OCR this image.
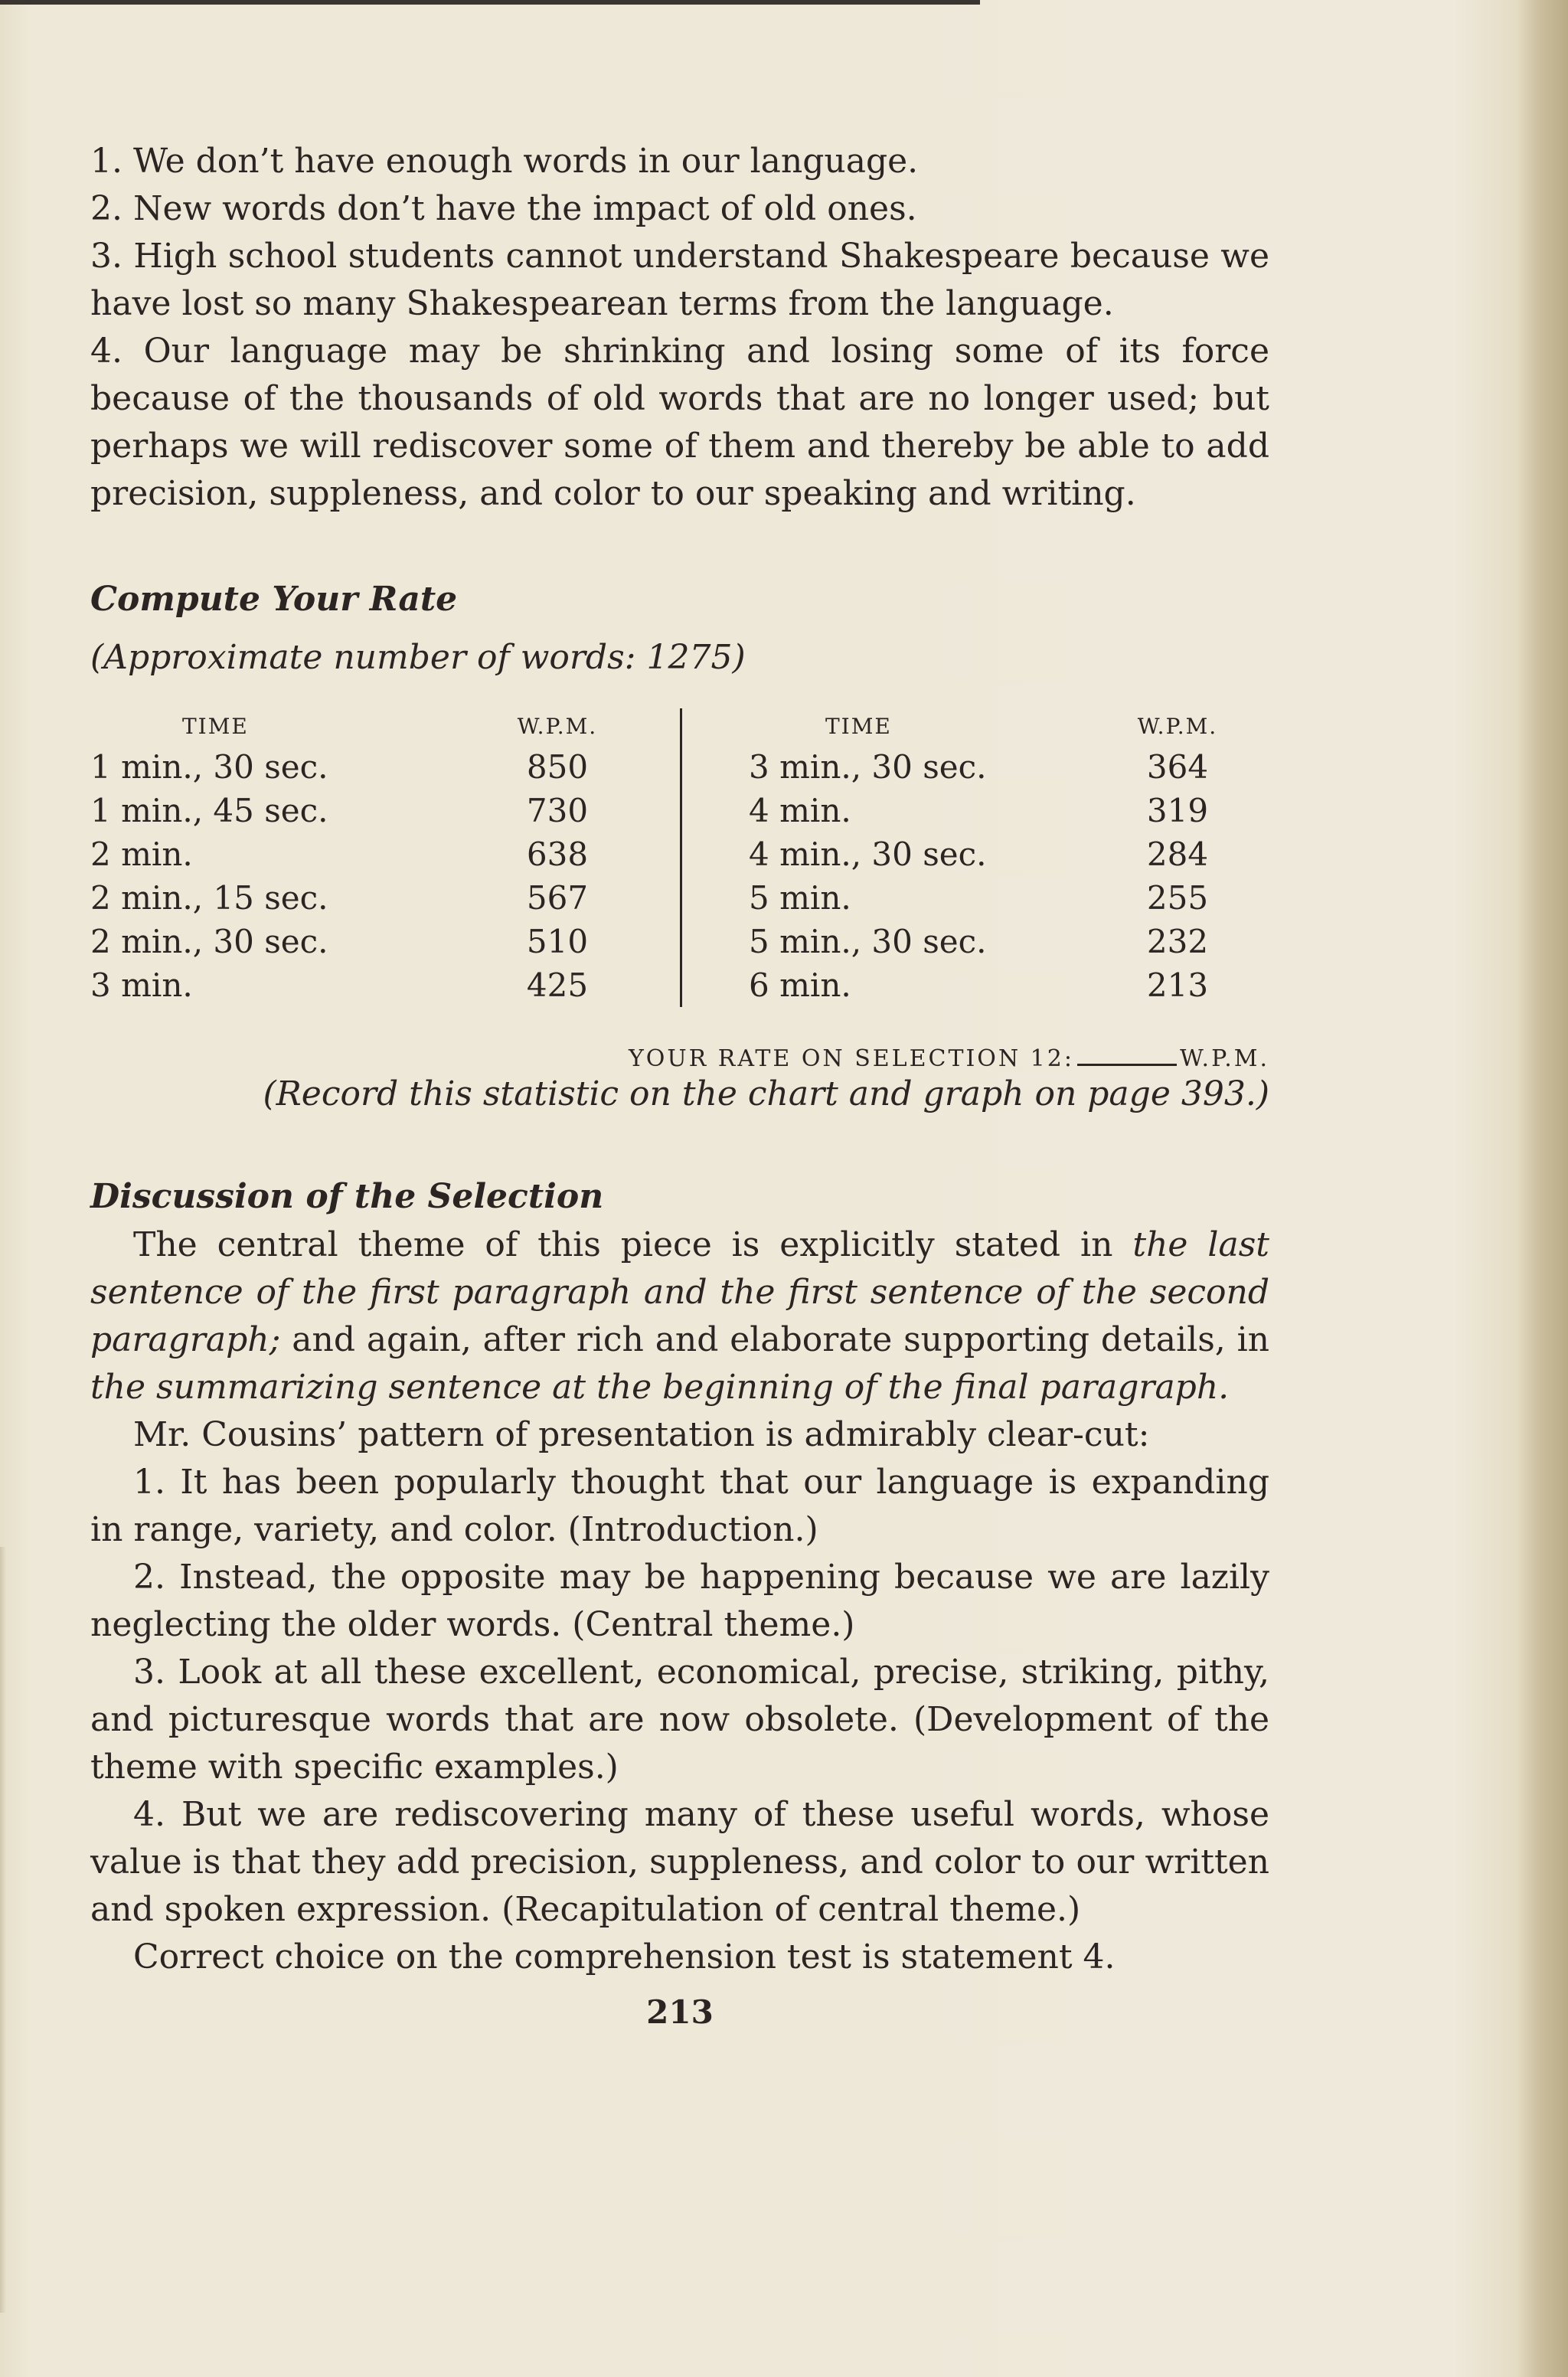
1. We don’t have enough words in our language.

2. New words don’t have the impact of old ones.

3. High school students cannot understand Shakespeare because we have lost so many Shakespearean terms from the language.

4. Our language may be shrinking and losing some of its force because of the thousands of old words that are no longer used; but perhaps we will rediscover some of them and thereby be able to add precision, suppleness, and color to our speaking and writing.

Compute Your Rate
(Approximate number of words: 1275)
TIME	W.P.M.
1 min., 30 sec.	850
1 min., 45 sec.	730
2 min.	638
2 min., 15 sec.	567
2 min., 30 sec.	510
3 min.	425
TIME	W.P.M.
3 min., 30 sec.	364
4 min.	319
4 min., 30 sec.	284
5 min.	255
5 min., 30 sec.	232
6 min.	213
YOUR RATE ON SELECTION 12:	W.P.M.
(Record this statistic on the chart and graph on page 393.)
Discussion of the Selection

The central theme of this piece is explicitly stated in the last sentence of the first paragraph and the first sentence of the second paragraph; and again, after rich and elaborate supporting details, in the summarizing sentence at the beginning of the final paragraph.

Mr. Cousins’ pattern of presentation is admirably clear-cut:

1. It has been popularly thought that our language is expanding in range, variety, and color. (Introduction.)

2. Instead, the opposite may be happening because we are lazily neglecting the older words. (Central theme.)

3. Look at all these excellent, economical, precise, striking, pithy, and picturesque words that are now obsolete. (Development of the theme with specific examples.)

4. But we are rediscovering many of these useful words, whose value is that they add precision, suppleness, and color to our written and spoken expression. (Recapitulation of central theme.)

Correct choice on the comprehension test is statement 4.

213
